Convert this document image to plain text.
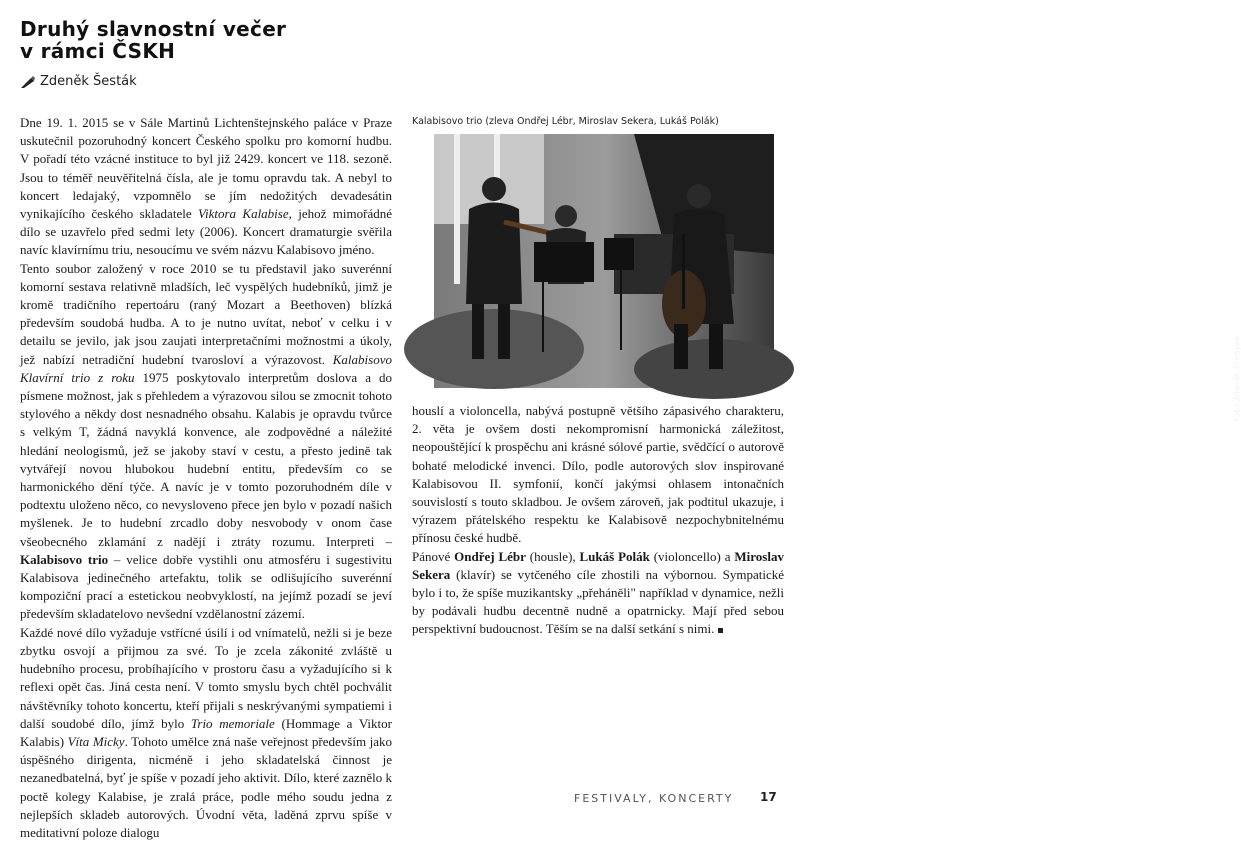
Druhý slavnostní večer
v rámci ČSKH
Zdeněk Šesták

Dne 19. 1. 2015 se v Sále Martinů Lichtenštejnského paláce v Praze uskutečnil pozoruhodný koncert Českého spolku pro komorní hudbu. V pořadí této vzácné instituce to byl již 2429. koncert ve 118. sezoně. Jsou to téměř neuvěřitelná čísla, ale je tomu opravdu tak. A nebyl to koncert ledajaký, vzpomnělo se jím nedožitých devadesátin vynikajícího českého skladatele Viktora Kalabise, jehož mimořádné dílo se uzavřelo před sedmi lety (2006). Koncert dramaturgie svěřila navíc klavírnímu triu, nesoucímu ve svém názvu Kalabisovo jméno.

Tento soubor založený v roce 2010 se tu představil jako suverénní komorní sestava relativně mladších, leč vyspělých hudebníků, jimž je kromě tradičního repertoáru (raný Mozart a Beethoven) blízká především soudobá hudba. A to je nutno uvítat, neboť v celku i v detailu se jevilo, jak jsou zaujati interpretačními možnostmi a úkoly, jež nabízí netradiční hudební tvarosloví a výrazovost. Kalabisovo Klavírní trio z roku 1975 poskytovalo interpretům doslova a do písmene možnost, jak s přehledem a výrazovou silou se zmocnit tohoto stylového a někdy dost nesnadného obsahu. Kalabis je opravdu tvůrce s velkým T, žádná navyklá konvence, ale zodpovědné a náležité hledání neologismů, jež se jakoby staví v cestu, a přesto jedině tak vytvářejí novou hlubokou hudební entitu, především co se harmonického dění týče. A navíc je v tomto pozoruhodném díle v podtextu uloženo něco, co nevysloveno přece jen bylo v pozadí našich myšlenek. Je to hudební zrcadlo doby nesvobody v onom čase všeobecného zklamání z nadějí i ztráty rozumu. Interpreti – Kalabisovo trio – velice dobře vystihli onu atmosféru i sugestivitu Kalabisova jedinečného artefaktu, tolik se odlišujícího suverénní kompoziční prací a estetickou neobvyklostí, na jejímž pozadí se jeví především skladatelovo nevšední vzdělanostní zázemí.

Každé nové dílo vyžaduje vstřícné úsilí i od vnímatelů, nežli si je beze zbytku osvojí a přijmou za své. To je zcela zákonité zvláště u hudebního procesu, probíhajícího v prostoru času a vyžadujícího si k reflexi opět čas. Jiná cesta není. V tomto smyslu bych chtěl pochválit návštěvníky tohoto koncertu, kteří přijali s neskrývanými sympatiemi i další soudobé dílo, jímž bylo Trio memoriale (Hommage a Viktor Kalabis) Víta Micky. Tohoto umělce zná naše veřejnost především jako úspěšného dirigenta, nicméně i jeho skladatelská činnost je nezanedbatelná, byť je spíše v pozadí jeho aktivit. Dílo, které zaznělo k poctě kolegy Kalabise, je zralá práce, podle mého soudu jedna z nejlepších skladeb autorových. Úvodní věta, laděná zprvu spíše v meditativní poloze dialogu

Kalabisovo trio (zleva Ondřej Lébr, Miroslav Sekera, Lukáš Polák)
Foto Zdeněk Chrapek

houslí a violoncella, nabývá postupně většího zápasivého charakteru, 2. věta je ovšem dosti nekompromisní harmonická záležitost, neopouštějící k prospěchu ani krásné sólové partie, svědčící o autorově bohaté melodické invenci. Dílo, podle autorových slov inspirované Kalabisovou II. symfonií, končí jakýmsi ohlasem intonačních souvislostí s touto skladbou. Je ovšem zároveň, jak podtitul ukazuje, i výrazem přátelského respektu ke Kalabisově nezpochybnitelnému přínosu české hudbě.

Pánové Ondřej Lébr (housle), Lukáš Polák (violoncello) a Miroslav Sekera (klavír) se vytčeného cíle zhostili na výbornou. Sympatické bylo i to, že spíše muzikantsky „přeháněli" například v dynamice, nežli by podávali hudbu decentně nudně a opatrnicky. Mají před sebou perspektivní budoucnost. Těším se na další setkání s nimi.

FESTIVALY, KONCERTY 17
